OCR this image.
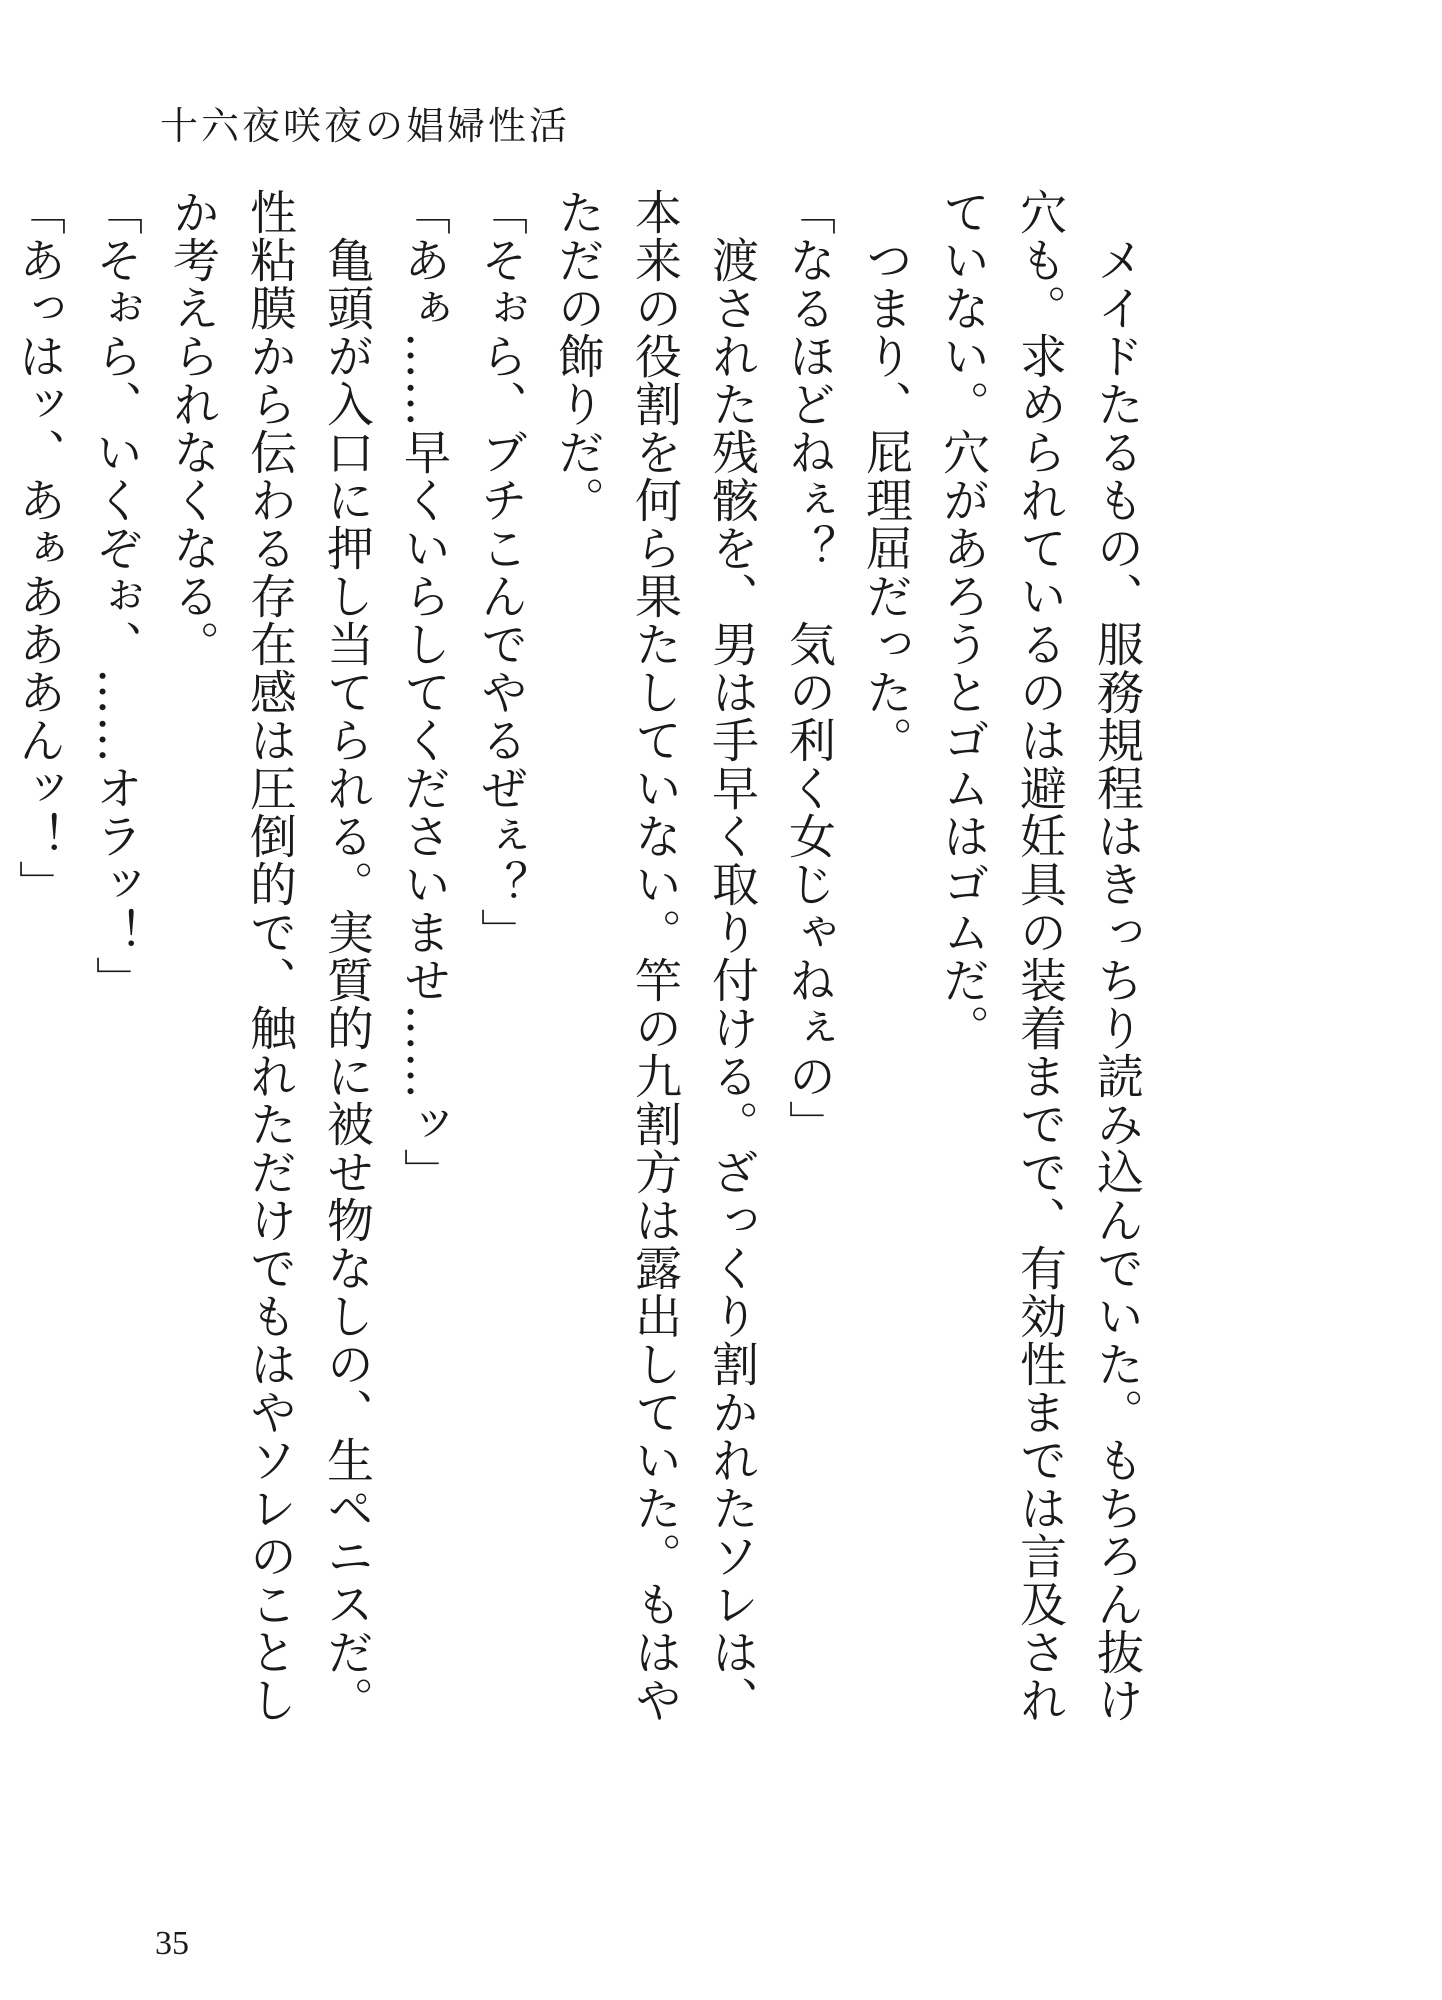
十六夜咲夜の娼婦性活

　メイドたるもの、服務規程はきっちり読み込んでいた。もちろん抜け穴も。求められているのは避妊具の装着までで、有効性までは言及されていない。穴があろうとゴムはゴムだ。

　つまり、屁理屈だった。

「なるほどねぇ？　気の利く女じゃねぇの」

　渡された残骸を、男は手早く取り付ける。ざっくり割かれたソレは、本来の役割を何ら果たしていない。竿の九割方は露出していた。もはやただの飾りだ。

「そぉら、ブチこんでやるぜぇ？」

「あぁ……早くいらしてくださいませ……ッ」

　亀頭が入口に押し当てられる。実質的に被せ物なしの、生ペニスだ。性粘膜から伝わる存在感は圧倒的で、触れただけでもはやソレのことしか考えられなくなる。

「そぉら、いくぞぉ、……オラッ！」

「あっはッ、あぁあああんッ！」

35
